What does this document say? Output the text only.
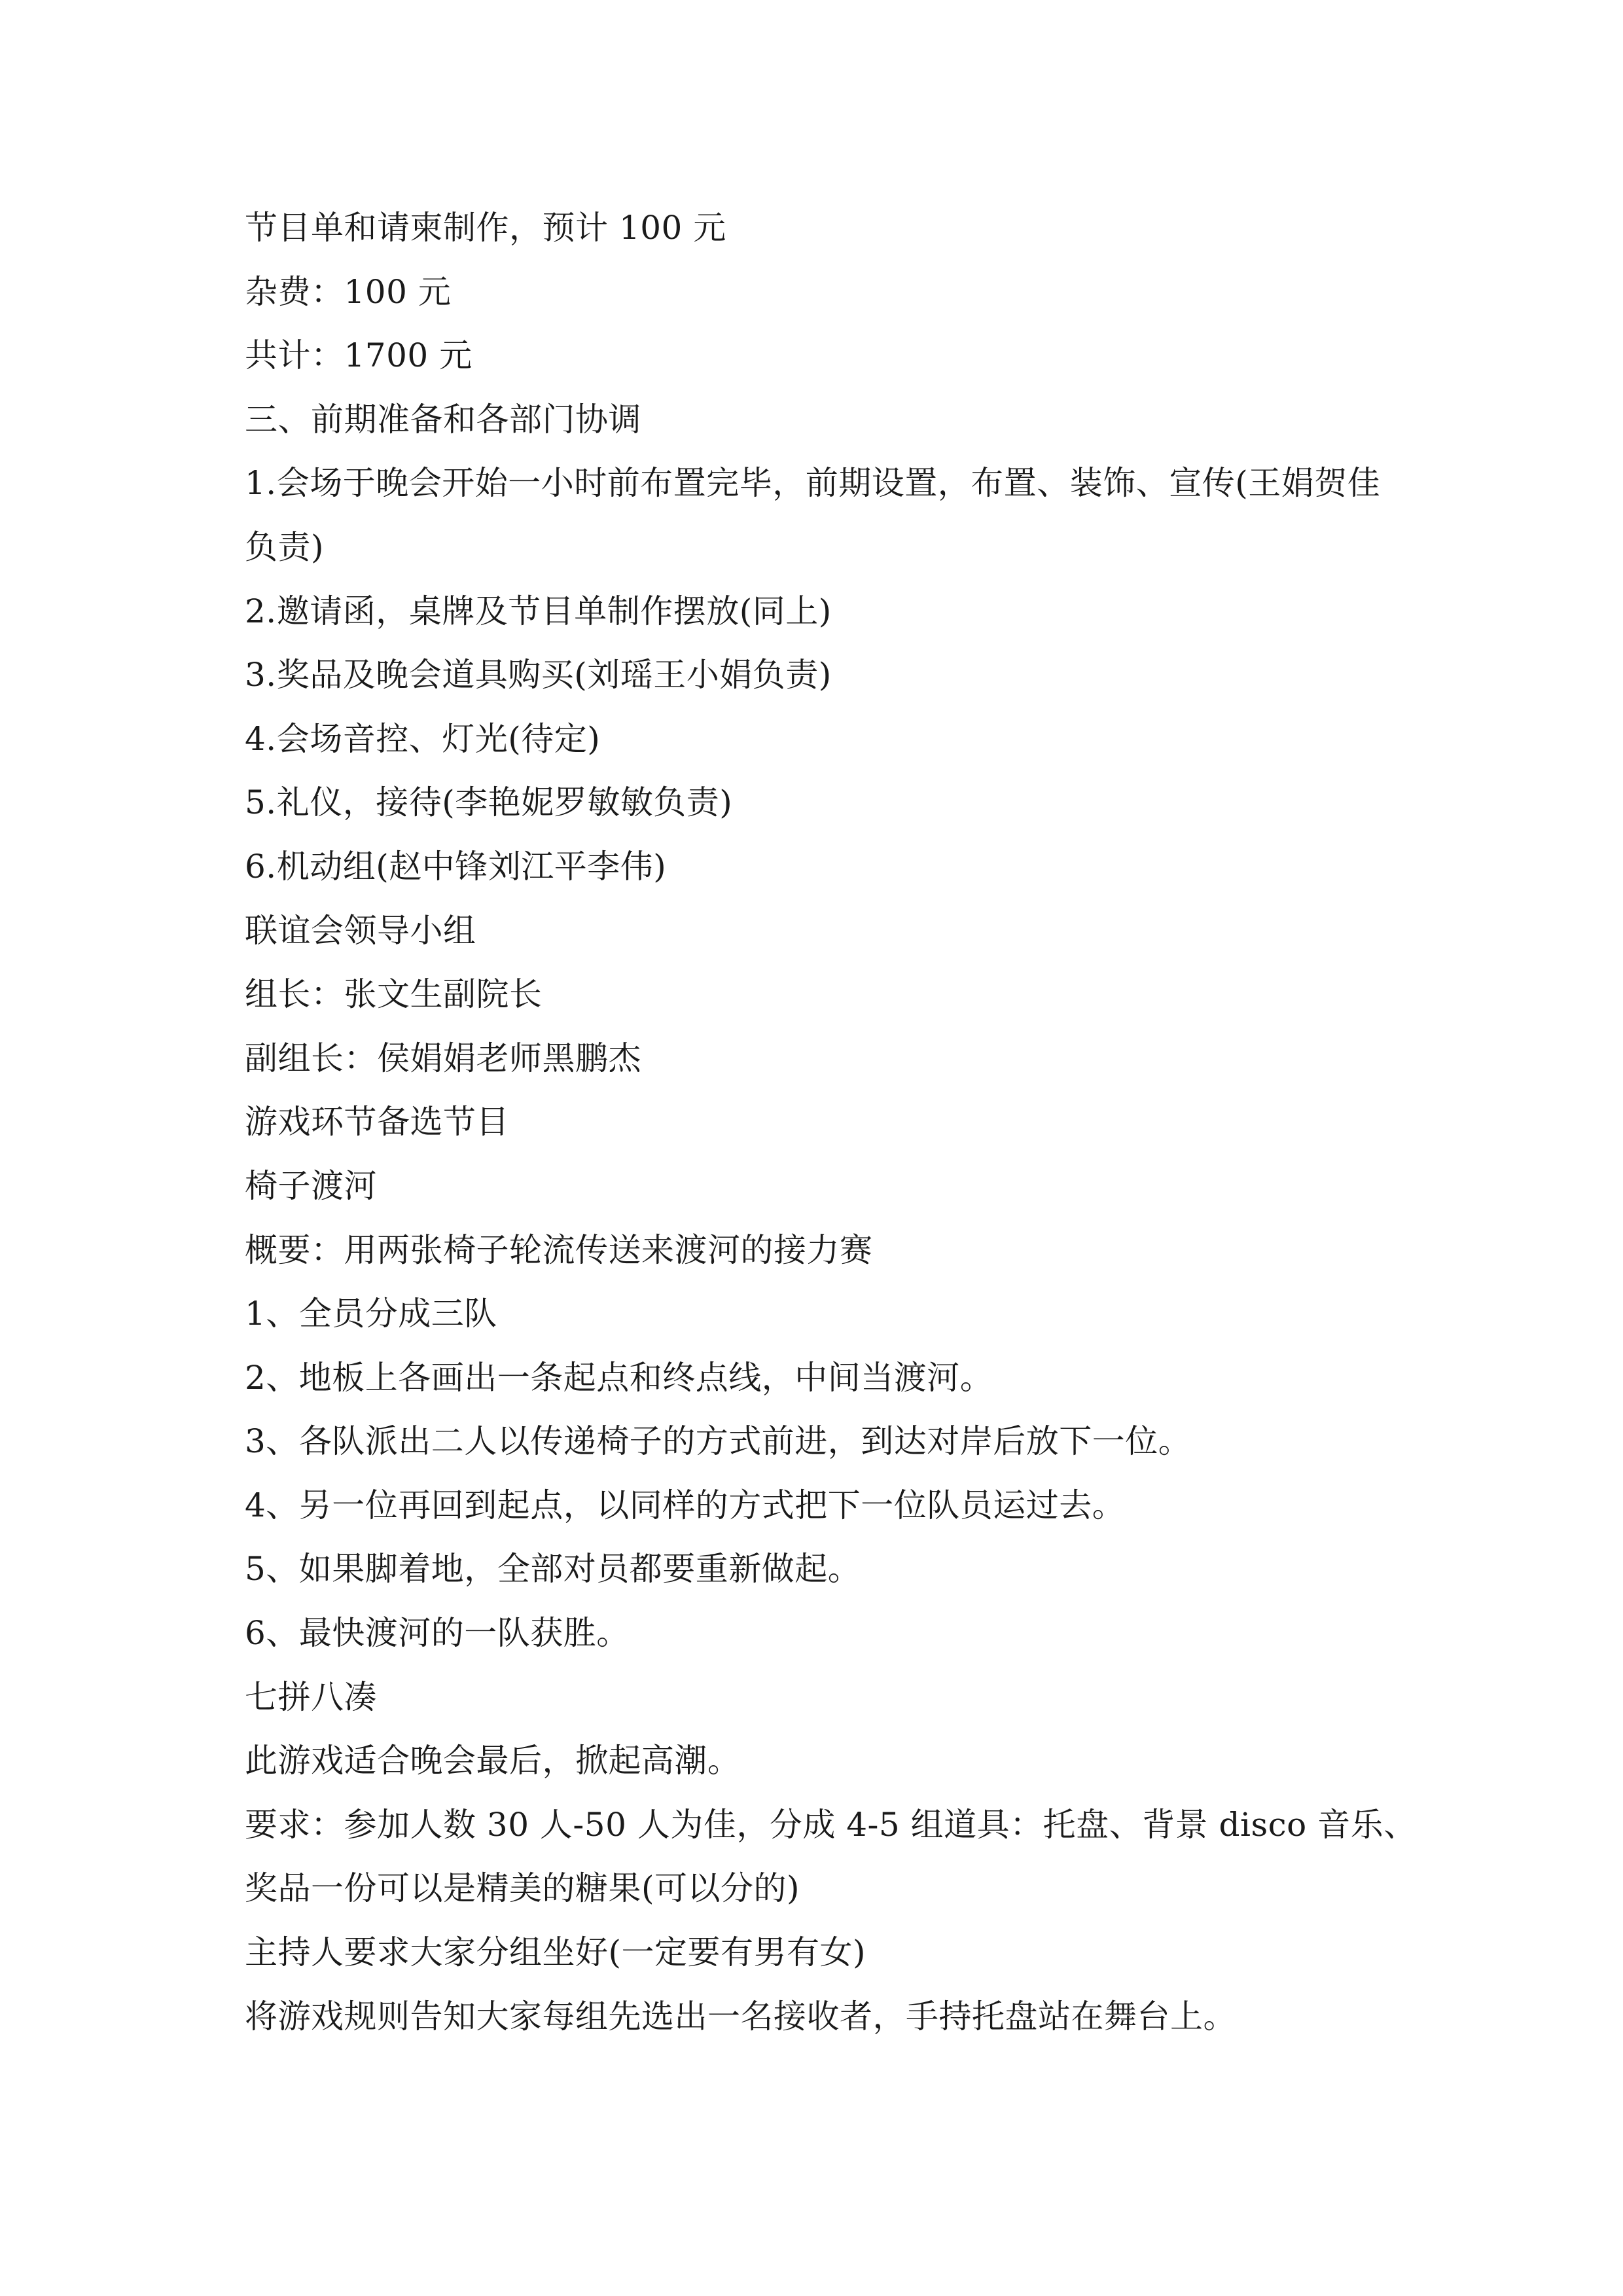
节目单和请柬制作，预计 100 元
杂费：100 元
共计：1700 元
三、前期准备和各部门协调
1.会场于晚会开始一小时前布置完毕，前期设置，布置、装饰、宣传(王娟贺佳
负责)
2.邀请函，桌牌及节目单制作摆放(同上)
3.奖品及晚会道具购买(刘瑶王小娟负责)
4.会场音控、灯光(待定)
5.礼仪，接待(李艳妮罗敏敏负责)
6.机动组(赵中锋刘江平李伟)
联谊会领导小组
组长：张文生副院长
副组长：侯娟娟老师黑鹏杰
游戏环节备选节目
椅子渡河
概要：用两张椅子轮流传送来渡河的接力赛
1、全员分成三队
2、地板上各画出一条起点和终点线，中间当渡河。
3、各队派出二人以传递椅子的方式前进，到达对岸后放下一位。
4、另一位再回到起点，以同样的方式把下一位队员运过去。
5、如果脚着地，全部对员都要重新做起。
6、最快渡河的一队获胜。
七拼八凑
此游戏适合晚会最后，掀起高潮。
要求：参加人数 30 人-50 人为佳，分成 4-5 组道具：托盘、背景 disco 音乐、
奖品一份可以是精美的糖果(可以分的)
主持人要求大家分组坐好(一定要有男有女)
将游戏规则告知大家每组先选出一名接收者，手持托盘站在舞台上。
